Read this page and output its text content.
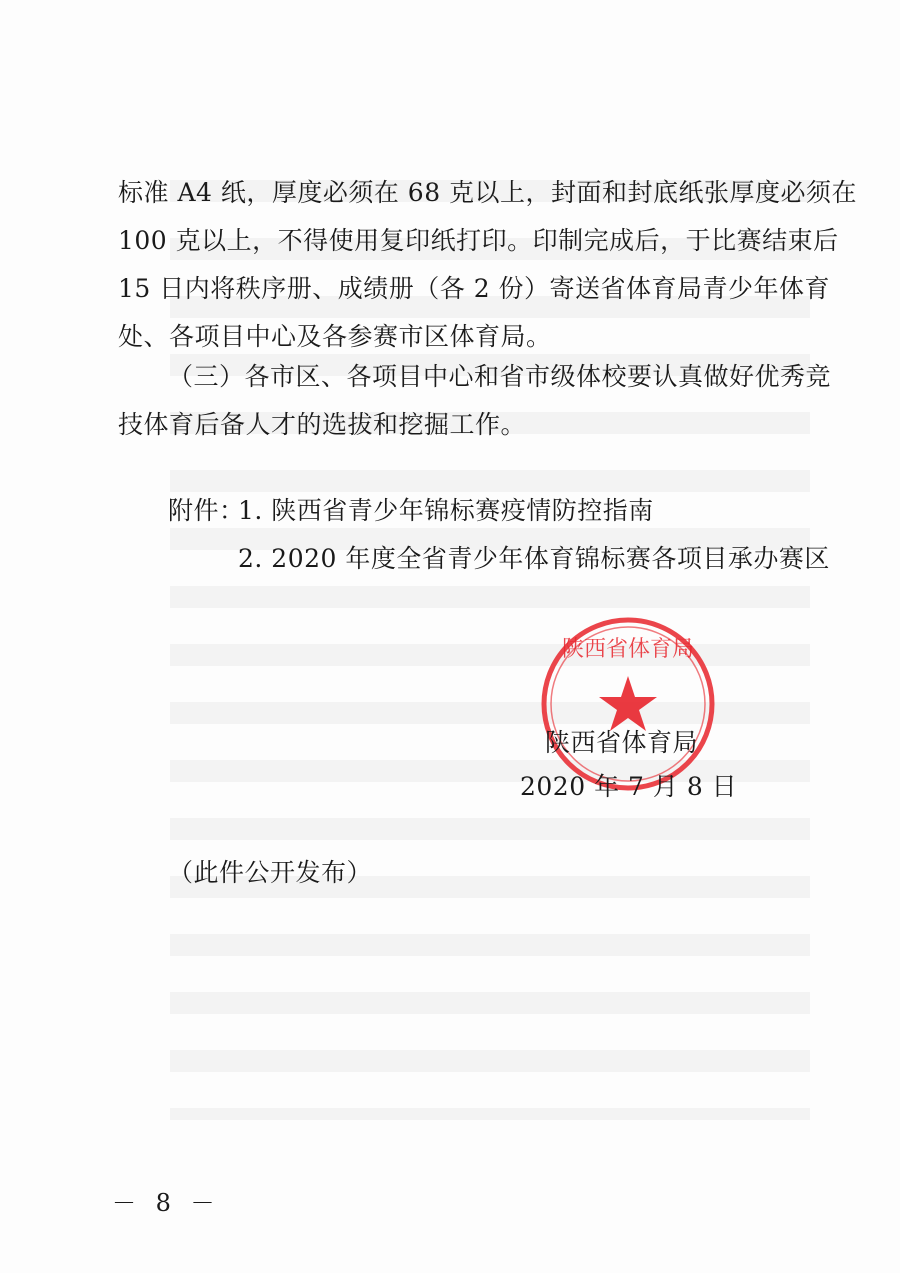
标准 A4 纸，厚度必须在 68 克以上，封面和封底纸张厚度必须在
100 克以上，不得使用复印纸打印。印制完成后，于比赛结束后
15 日内将秩序册、成绩册（各 2 份）寄送省体育局青少年体育
处、各项目中心及各参赛市区体育局。
（三）各市区、各项目中心和省市级体校要认真做好优秀竞
技体育后备人才的选拔和挖掘工作。
附件：
1. 陕西省青少年锦标赛疫情防控指南
2. 2020 年度全省青少年体育锦标赛各项目承办赛区
陕西省体育局
陕西省体育局
2020 年 7 月 8 日
（此件公开发布）
－ 8 －
